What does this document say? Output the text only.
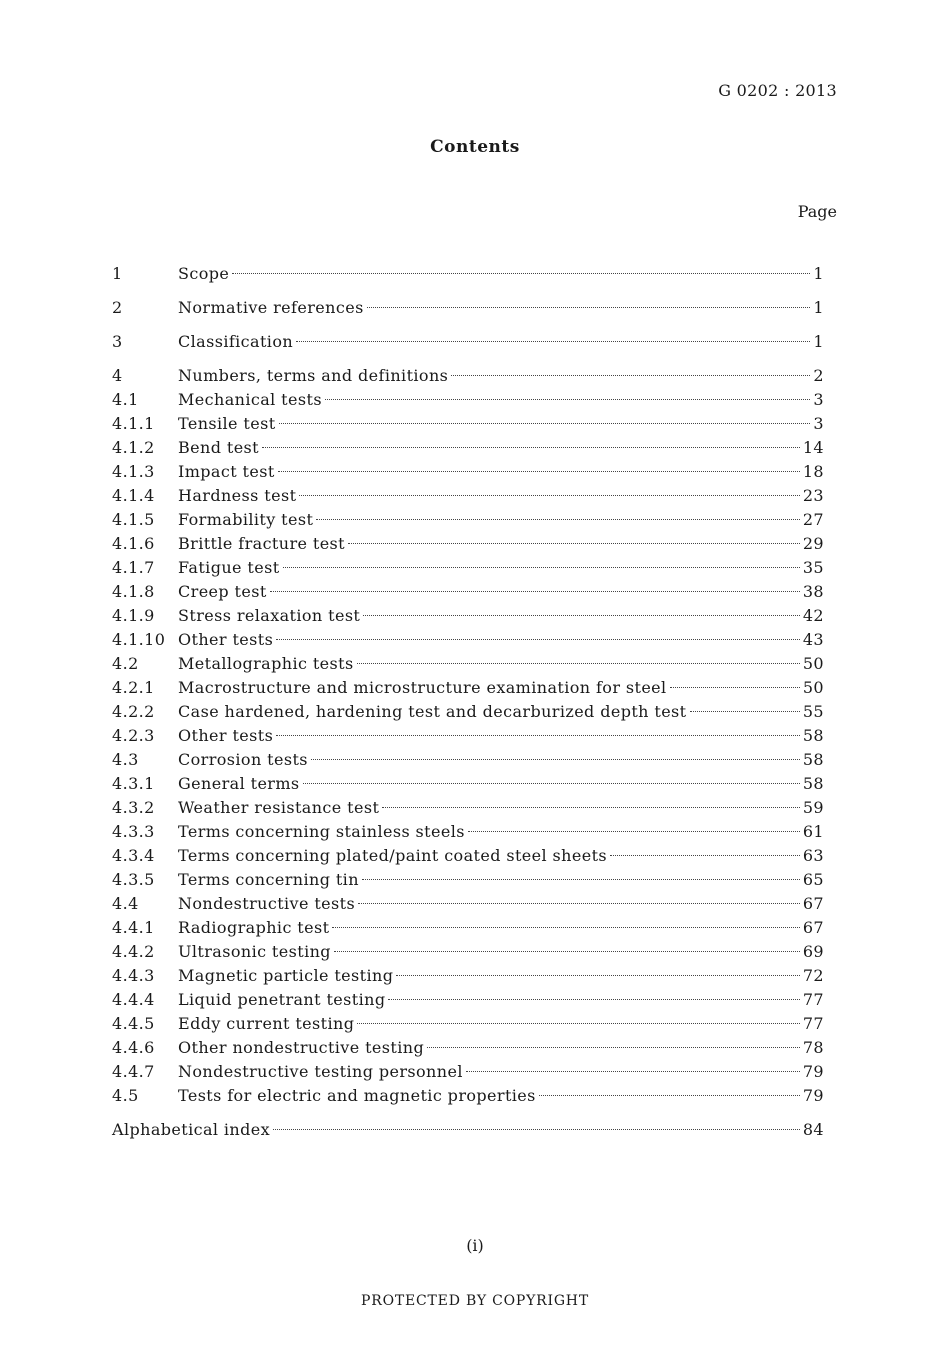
G 0202 : 2013
Contents
Page
1	Scope	1
2	Normative references	1
3	Classification	1
4	Numbers, terms and definitions	2
4.1	Mechanical tests	3
4.1.1	Tensile test	3
4.1.2	Bend test	14
4.1.3	Impact test	18
4.1.4	Hardness test	23
4.1.5	Formability test	27
4.1.6	Brittle fracture test	29
4.1.7	Fatigue test	35
4.1.8	Creep test	38
4.1.9	Stress relaxation test	42
4.1.10 Other tests	43
4.2	Metallographic tests	50
4.2.1	Macrostructure and microstructure examination for steel	50
4.2.2	Case hardened, hardening test and decarburized depth test	55
4.2.3	Other tests	58
4.3	Corrosion tests	58
4.3.1	General terms	58
4.3.2	Weather resistance test	59
4.3.3	Terms concerning stainless steels	61
4.3.4	Terms concerning plated/paint coated steel sheets	63
4.3.5	Terms concerning tin	65
4.4	Nondestructive tests	67
4.4.1	Radiographic test	67
4.4.2	Ultrasonic testing	69
4.4.3	Magnetic particle testing	72
4.4.4	Liquid penetrant testing	77
4.4.5	Eddy current testing	77
4.4.6	Other nondestructive testing	78
4.4.7	Nondestructive testing personnel	79
4.5	Tests for electric and magnetic properties	79
Alphabetical index	84
(i)
PROTECTED BY COPYRIGHT
